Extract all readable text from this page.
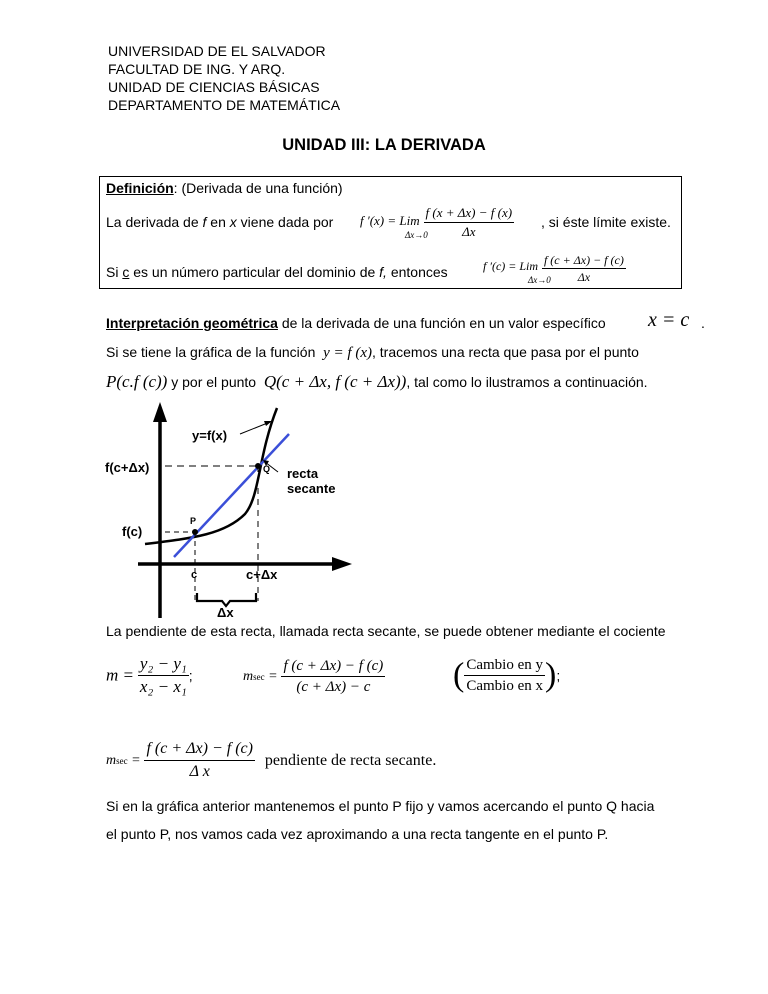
UNIVERSIDAD DE EL SALVADOR
FACULTAD DE ING. Y ARQ.
UNIDAD DE CIENCIAS BÁSICAS
DEPARTAMENTO DE MATEMÁTICA
UNIDAD III: LA DERIVADA
Definición: (Derivada de una función)
La derivada de f en x viene dada por f ′(x) = Lim
Δx→0

$\frac{f (x + \Delta x) - f (x)}{\Delta x}$ , si éste límite existe.
Si c es un número particular del dominio de f, entonces	f ′(c) = Lim
Δx→0

$\frac{f (c + \Delta x) - f (c)}{\Delta x}$
Interpretación geométrica de la derivada de una función en un valor específico x = c .
Si se tiene la gráfica de la función y = f (x), tracemos una recta que pasa por el punto
P(c.f (c)) y por el punto Q(c + Δx, f (c + Δx)), tal como lo ilustramos a continuación.
y=f(x)
f(c+Δx)
f(c)
P
Q recta
secante
c	c+Δx
Δx
La pendiente de esta recta, llamada recta secante, se puede obtener mediante el cociente
$m = \frac{\text{y₂ − y₁}}{\text{x₂ − x₁}}$ ;	$msec = \frac{f (c + \Delta x) - f (c)}{(c + \Delta x) - c}$ ( $\frac{\text{Cambio en y}}{\text{Cambio en x}}$ );
$msec = \frac{f (c + \Delta x) - f (c)}{\text{Δ x}}$ pendiente de recta secante.
Si en la gráfica anterior mantenemos el punto P fijo y vamos acercando el punto Q hacia
el punto P, nos vamos cada vez aproximando a una recta tangente en el punto P.
